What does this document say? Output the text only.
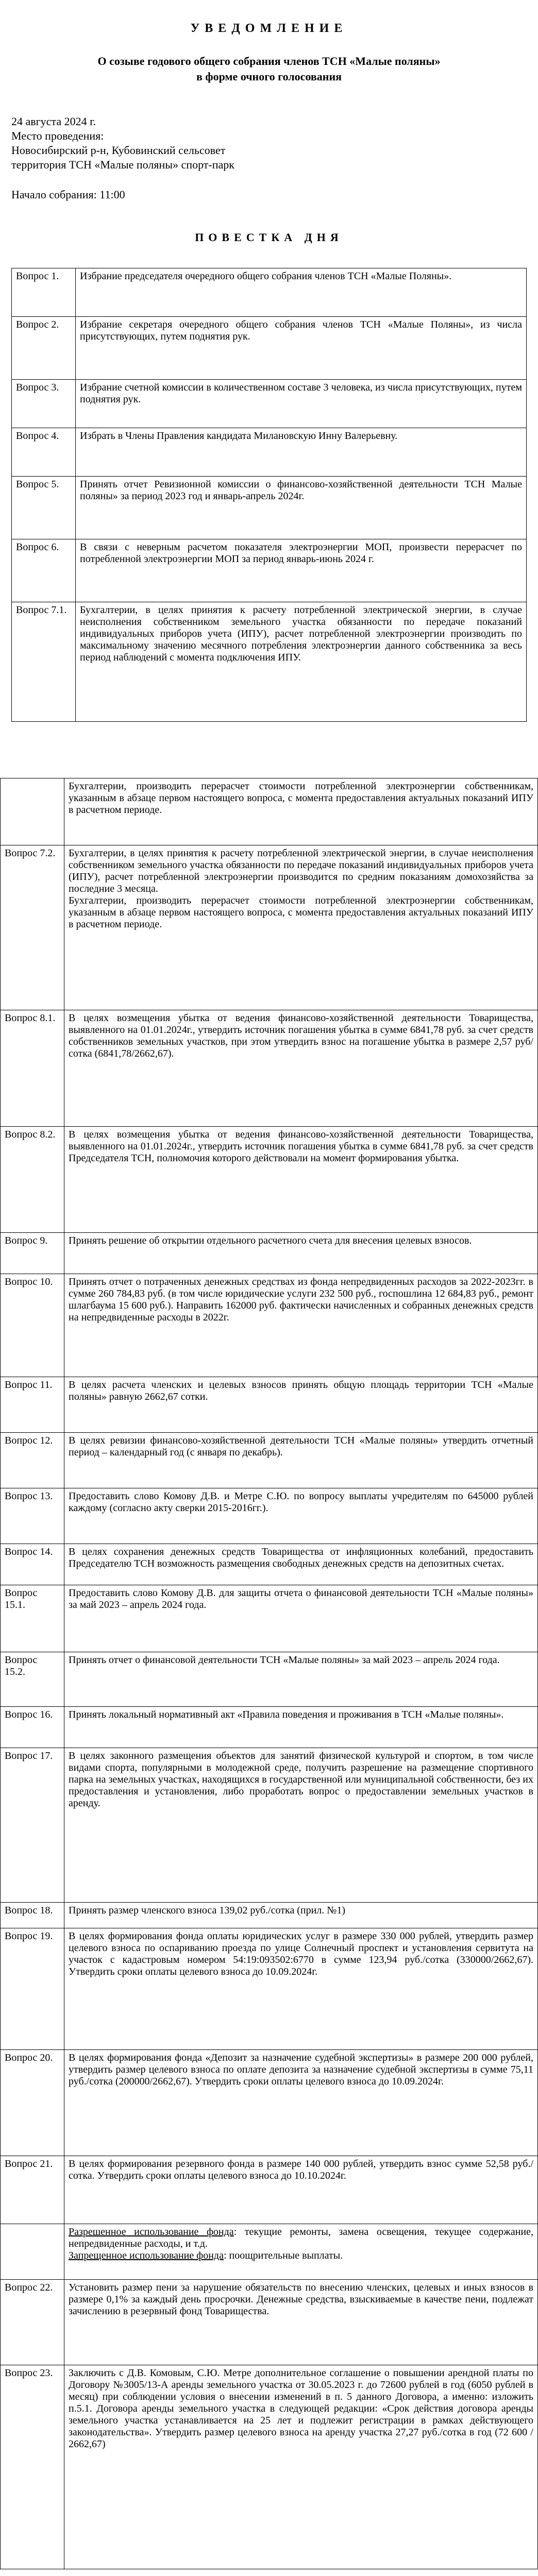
УВЕДОМЛЕНИЕ
О созыве годового общего собрания членов ТСН «Малые поляны»
в форме очного голосования
24 августа 2024 г.
Место проведения:
Новосибирский р-н, Кубовинский сельсовет
территория ТСН «Малые поляны» спорт-парк
Начало собрания: 11:00
ПОВЕСТКА ДНЯ
Вопрос 1.	Избрание председателя очередного общего собрания членов ТСН «Малые Поляны».
Вопрос 2.	Избрание секретаря очередного общего собрания членов ТСН «Малые Поляны», из числа присутствующих, путем поднятия рук.
Вопрос 3.	Избрание счетной комиссии в количественном составе 3 человека, из числа присутствующих, путем поднятия рук.
Вопрос 4.	Избрать в Члены Правления кандидата Милановскую Инну Валерьевну.
Вопрос 5.	Принять отчет Ревизионной комиссии о финансово-хозяйственной деятельности ТСН Малые поляны» за период 2023 год и январь-апрель 2024г.
Вопрос 6.	В связи с неверным расчетом показателя электроэнергии МОП, произвести перерасчет по потребленной электроэнергии МОП за период январь-июнь 2024 г.
Вопрос 7.1.	Бухгалтерии, в целях принятия к расчету потребленной электрической энергии, в случае неисполнения собственником земельного участка обязанности по передаче показаний индивидуальных приборов учета (ИПУ), расчет потребленной электроэнергии производить по максимальному значению месячного потребления электроэнергии данного собственника за весь период наблюдений с момента подключения ИПУ.
	Бухгалтерии, производить перерасчет стоимости потребленной электроэнергии собственникам, указанным в абзаце первом настоящего вопроса, с момента предоставления актуальных показаний ИПУ в расчетном периоде.
Вопрос 7.2.	Бухгалтерии, в целях принятия к расчету потребленной электрической энергии, в случае неисполнения собственником земельного участка обязанности по передаче показаний индивидуальных приборов учета (ИПУ), расчет потребленной электроэнергии производится по средним показаниям домохозяйства за последние 3 месяца.

Бухгалтерии, производить перерасчет стоимости потребленной электроэнергии собственникам, указанным в абзаце первом настоящего вопроса, с момента предоставления актуальных показаний ИПУ в расчетном периоде.

Вопрос 8.1.	В целях возмещения убытка от ведения финансово-хозяйственной деятельности Товарищества, выявленного на 01.01.2024г., утвердить источник погашения убытка в сумме 6841,78 руб. за счет средств собственников земельных участков, при этом утвердить взнос на погашение убытка в размере 2,57 руб/сотка (6841,78/2662,67).
Вопрос 8.2.	В целях возмещения убытка от ведения финансово-хозяйственной деятельности Товарищества, выявленного на 01.01.2024г., утвердить источник погашения убытка в сумме 6841,78 руб. за счет средств Председателя ТСН, полномочия которого действовали на момент формирования убытка.
Вопрос 9.	Принять решение об открытии отдельного расчетного счета для внесения целевых взносов.
Вопрос 10.	Принять отчет о потраченных денежных средствах из фонда непредвиденных расходов за 2022-2023гг. в сумме 260 784,83 руб. (в том числе юридические услуги 232 500 руб., госпошлина 12 684,83 руб., ремонт шлагбаума 15 600 руб.). Направить 162000 руб. фактически начисленных и собранных денежных средств на непредвиденные расходы в 2022г.
Вопрос 11.	В целях расчета членских и целевых взносов принять общую площадь территории ТСН «Малые поляны» равную 2662,67 сотки.
Вопрос 12.	В целях ревизии финансово-хозяйственной деятельности ТСН «Малые поляны» утвердить отчетный период – календарный год (с января по декабрь).
Вопрос 13.	Предоставить слово Комову Д.В. и Метре С.Ю. по вопросу выплаты учредителям по 645000 рублей каждому (согласно акту сверки 2015-2016гг.).
Вопрос 14.	В целях сохранения денежных средств Товарищества от инфляционных колебаний, предоставить Председателю ТСН возможность размещения свободных денежных средств на депозитных счетах.
Вопрос 15.1.	Предоставить слово Комову Д.В. для защиты отчета о финансовой деятельности ТСН «Малые поляны» за май 2023 – апрель 2024 года.
Вопрос 15.2.	Принять отчет о финансовой деятельности ТСН «Малые поляны» за май 2023 – апрель 2024 года.
Вопрос 16.	Принять локальный нормативный акт «Правила поведения и проживания в ТСН «Малые поляны».
Вопрос 17.	В целях законного размещения объектов для занятий физической культурой и спортом, в том числе видами спорта, популярными в молодежной среде, получить разрешение на размещение спортивного парка на земельных участках, находящихся в государственной или муниципальной собственности, без их предоставления и установления, либо проработать вопрос о предоставлении земельных участков в аренду.
Вопрос 18.	Принять размер членского взноса 139,02 руб./сотка (прил. №1)
Вопрос 19.	В целях формирования фонда оплаты юридических услуг в размере 330 000 рублей, утвердить размер целевого взноса по оспариванию проезда по улице Солнечный проспект и установления сервитута на участок с кадастровым номером 54:19:093502:6770 в сумме 123,94 руб./сотка (330000/2662,67). Утвердить сроки оплаты целевого взноса до 10.09.2024г.
Вопрос 20.	В целях формирования фонда «Депозит за назначение судебной экспертизы» в размере 200 000 рублей, утвердить размер целевого взноса по оплате депозита за назначение судебной экспертизы в сумме 75,11 руб./сотка (200000/2662,67). Утвердить сроки оплаты целевого взноса до 10.09.2024г.
Вопрос 21.	В целях формирования резервного фонда в размере 140 000 рублей, утвердить взнос сумме 52,58 руб./сотка. Утвердить сроки оплаты целевого взноса до 10.10.2024г.

	Разрешенное использование фонда: текущие ремонты, замена освещения, текущее содержание, непредвиденные расходы, и т.д.

Запрещенное использование фонда: поощрительные выплаты.

Вопрос 22.	Установить размер пени за нарушение обязательств по внесению членских, целевых и иных взносов в размере 0,1% за каждый день просрочки. Денежные средства, взыскиваемые в качестве пени, подлежат зачислению в резервный фонд Товарищества.
Вопрос 23.	Заключить с Д.В. Комовым, С.Ю. Метре дополнительное соглашение о повышении арендной платы по Договору №3005/13-А аренды земельного участка от 30.05.2023 г. до 72600 рублей в год (6050 рублей в месяц) при соблюдении условия о внесении изменений в п. 5 данного Договора, а именно: изложить п.5.1. Договора аренды земельного участка в следующей редакции: «Срок действия договора аренды земельного участка устанавливается на 25 лет и подлежит регистрации в рамках действующего законодательства». Утвердить размер целевого взноса на аренду участка 27,27 руб./сотка в год (72 600 / 2662,67)
